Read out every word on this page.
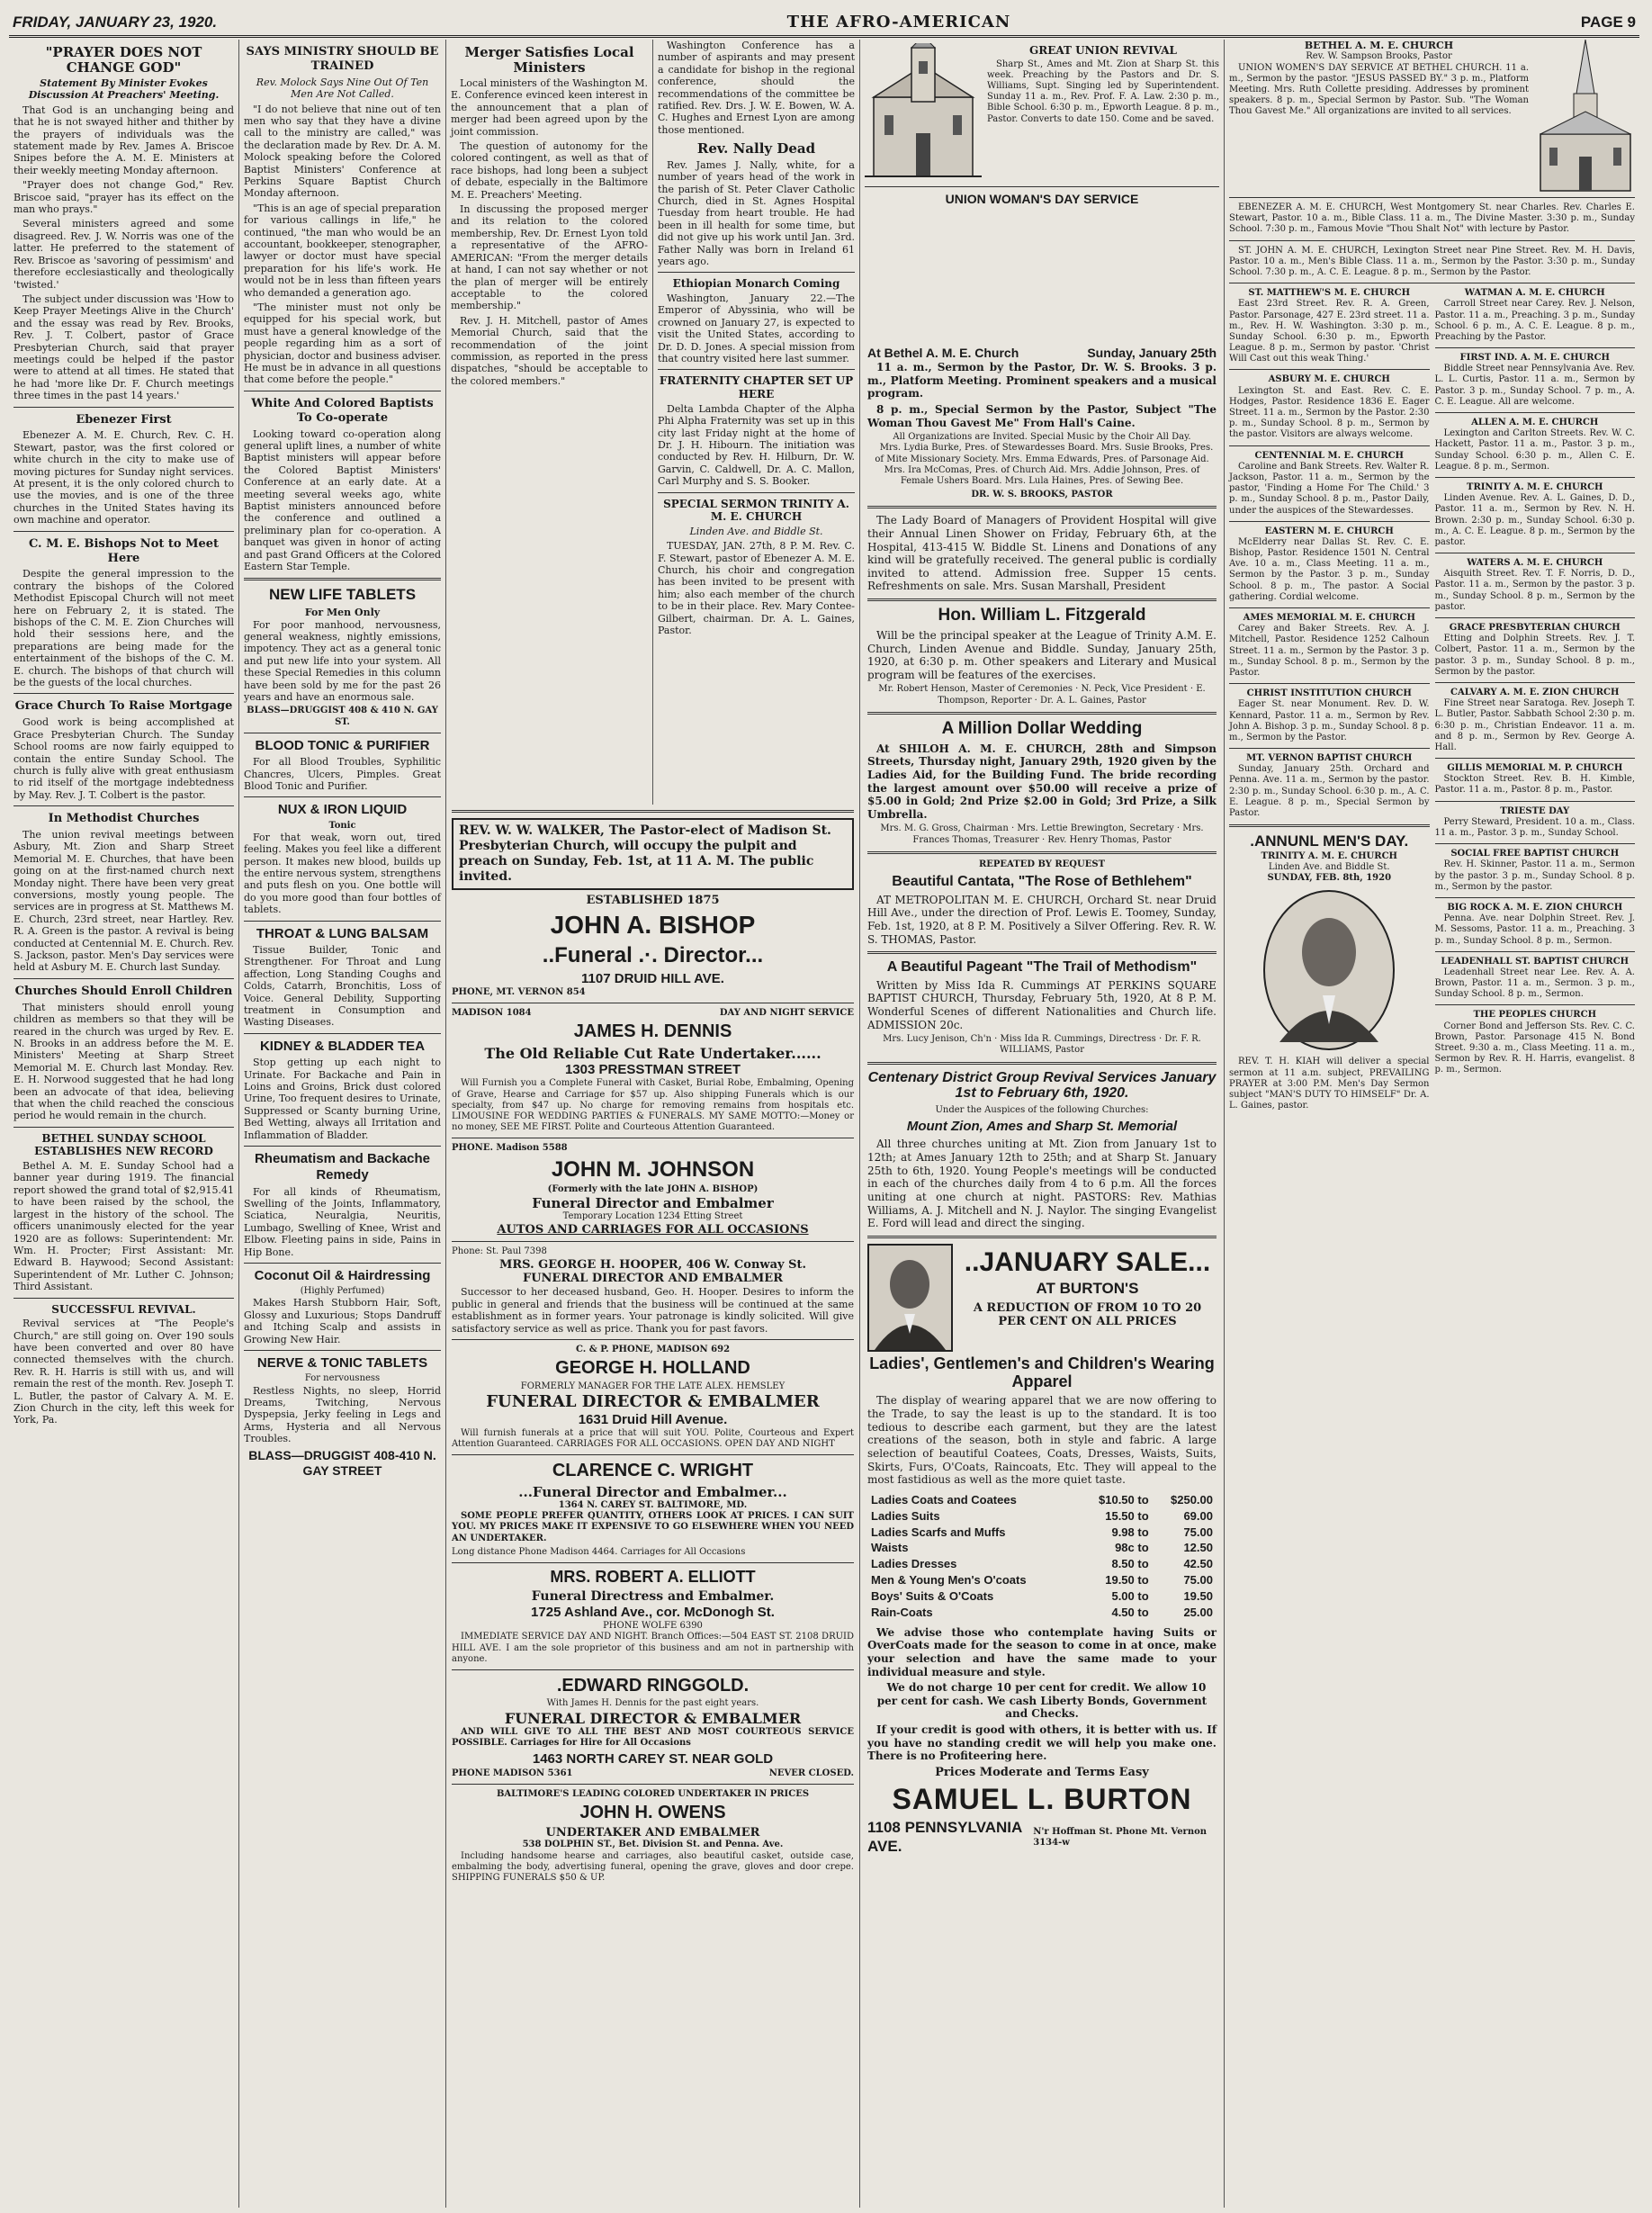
FRIDAY, JANUARY 23, 1920.	THE AFRO-AMERICAN	PAGE 9
"PRAYER DOES NOT CHANGE GOD"
Statement By Minister Evokes Discussion At Preachers' Meeting.

That God is an unchanging being and that he is not swayed hither and thither by the prayers of individuals was the statement made by Rev. James A. Briscoe Snipes before the A. M. E. Ministers at their weekly meeting Monday afternoon.

"Prayer does not change God," Rev. Briscoe said, "prayer has its effect on the man who prays."

Several ministers agreed and some disagreed. Rev. J. W. Norris was one of the latter. He preferred to the statement of Rev. Briscoe as 'savoring of pessimism' and therefore ecclesiastically and theologically 'twisted.'

The subject under discussion was 'How to Keep Prayer Meetings Alive in the Church' and the essay was read by Rev. Brooks, Rev. J. T. Colbert, pastor of Grace Presbyterian Church, said that prayer meetings could be helped if the pastor were to attend at all times. He stated that he had 'more like Dr. F. Church meetings three times in the past 14 years.'

Ebenezer First

Ebenezer A. M. E. Church, Rev. C. H. Stewart, pastor, was the first colored or white church in the city to make use of moving pictures for Sunday night services. At present, it is the only colored church to use the movies, and is one of the three churches in the United States having its own machine and operator.

C. M. E. Bishops Not to Meet Here

Despite the general impression to the contrary the bishops of the Colored Methodist Episcopal Church will not meet here on February 2, it is stated. The bishops of the C. M. E. Zion Churches will hold their sessions here, and the preparations are being made for the entertainment of the bishops of the C. M. E. church. The bishops of that church will be the guests of the local churches.

Grace Church To Raise Mortgage

Good work is being accomplished at Grace Presbyterian Church. The Sunday School rooms are now fairly equipped to contain the entire Sunday School. The church is fully alive with great enthusiasm to rid itself of the mortgage indebtedness by May. Rev. J. T. Colbert is the pastor.

In Methodist Churches

The union revival meetings between Asbury, Mt. Zion and Sharp Street Memorial M. E. Churches, that have been going on at the first-named church next Monday night. There have been very great conversions, mostly young people. The services are in progress at St. Matthews M. E. Church, 23rd street, near Hartley. Rev. R. A. Green is the pastor. A revival is being conducted at Centennial M. E. Church. Rev. S. Jackson, pastor. Men's Day services were held at Asbury M. E. Church last Sunday.

Churches Should Enroll Children

That ministers should enroll young children as members so that they will be reared in the church was urged by Rev. E. N. Brooks in an address before the M. E. Ministers' Meeting at Sharp Street Memorial M. E. Church last Monday. Rev. E. H. Norwood suggested that he had long been an advocate of that idea, believing that when the child reached the conscious period he would remain in the church.

BETHEL SUNDAY SCHOOL ESTABLISHES NEW RECORD

Bethel A. M. E. Sunday School had a banner year during 1919. The financial report showed the grand total of $2,915.41 to have been raised by the school, the largest in the history of the school. The officers unanimously elected for the year 1920 are as follows: Superintendent: Mr. Wm. H. Procter; First Assistant: Mr. Edward B. Haywood; Second Assistant: Superintendent of Mr. Luther C. Johnson; Third Assistant.

SUCCESSFUL REVIVAL.

Revival services at "The People's Church," are still going on. Over 190 souls have been converted and over 80 have connected themselves with the church. Rev. R. H. Harris is still with us, and will remain the rest of the month. Rev. Joseph T. L. Butler, the pastor of Calvary A. M. E. Zion Church in the city, left this week for York, Pa.

SAYS MINISTRY SHOULD BE TRAINED
Rev. Molock Says Nine Out Of Ten Men Are Not Called.

"I do not believe that nine out of ten men who say that they have a divine call to the ministry are called," was the declaration made by Rev. Dr. A. M. Molock speaking before the Colored Baptist Ministers' Conference at Perkins Square Baptist Church Monday afternoon.

"This is an age of special preparation for various callings in life," he continued, "the man who would be an accountant, bookkeeper, stenographer, lawyer or doctor must have special preparation for his life's work. He would not be in less than fifteen years who demanded a generation ago.

"The minister must not only be equipped for his special work, but must have a general knowledge of the people regarding him as a sort of physician, doctor and business adviser. He must be in advance in all questions that come before the people."

White And Colored Baptists To Co-operate

Looking toward co-operation along general uplift lines, a number of white Baptist ministers will appear before the Colored Baptist Ministers' Conference at an early date. At a meeting several weeks ago, white Baptist ministers announced before the conference and outlined a preliminary plan for co-operation. A banquet was given in honor of acting and past Grand Officers at the Colored Eastern Star Temple.

NEW LIFE TABLETS
For Men Only

For poor manhood, nervousness, general weakness, nightly emissions, impotency. They act as a general tonic and put new life into your system. All these Special Remedies in this column have been sold by me for the past 26 years and have an enormous sale.

BLASS—DRUGGIST 408 & 410 N. GAY ST.
BLOOD TONIC & PURIFIER

For all Blood Troubles, Syphilitic Chancres, Ulcers, Pimples. Great Blood Tonic and Purifier.

NUX & IRON LIQUID
Tonic

For that weak, worn out, tired feeling. Makes you feel like a different person. It makes new blood, builds up the entire nervous system, strengthens and puts flesh on you. One bottle will do you more good than four bottles of tablets.

THROAT & LUNG BALSAM

Tissue Builder, Tonic and Strengthener. For Throat and Lung affection, Long Standing Coughs and Colds, Catarrh, Bronchitis, Loss of Voice. General Debility, Supporting treatment in Consumption and Wasting Diseases.

KIDNEY & BLADDER TEA

Stop getting up each night to Urinate. For Backache and Pain in Loins and Groins, Brick dust colored Urine, Too frequent desires to Urinate, Suppressed or Scanty burning Urine, Bed Wetting, always all Irritation and Inflammation of Bladder.

Rheumatism and Backache Remedy

For all kinds of Rheumatism, Swelling of the Joints, Inflammatory, Sciatica, Neuralgia, Neuritis, Lumbago, Swelling of Knee, Wrist and Elbow. Fleeting pains in side, Pains in Hip Bone.

Coconut Oil & Hairdressing
(Highly Perfumed)

Makes Harsh Stubborn Hair, Soft, Glossy and Luxurious; Stops Dandruff and Itching Scalp and assists in Growing New Hair.

NERVE & TONIC TABLETS
For nervousness

Restless Nights, no sleep, Horrid Dreams, Twitching, Nervous Dyspepsia, Jerky feeling in Legs and Arms, Hysteria and all Nervous Troubles.

BLASS—DRUGGIST 408-410 N. GAY STREET
Merger Satisfies Local Ministers

Local ministers of the Washington M. E. Conference evinced keen interest in the announcement that a plan of merger had been agreed upon by the joint commission.

The question of autonomy for the colored contingent, as well as that of race bishops, had long been a subject of debate, especially in the Baltimore M. E. Preachers' Meeting.

In discussing the proposed merger and its relation to the colored membership, Rev. Dr. Ernest Lyon told a representative of the AFRO-AMERICAN: "From the merger details at hand, I can not say whether or not the plan of merger will be entirely acceptable to the colored membership."

Rev. J. H. Mitchell, pastor of Ames Memorial Church, said that the recommendation of the joint commission, as reported in the press dispatches, "should be acceptable to the colored members."

Washington Conference has a number of aspirants and may present a candidate for bishop in the regional conference, should the recommendations of the committee be ratified. Rev. Drs. J. W. E. Bowen, W. A. C. Hughes and Ernest Lyon are among those mentioned.

Rev. Nally Dead

Rev. James J. Nally, white, for a number of years head of the work in the parish of St. Peter Claver Catholic Church, died in St. Agnes Hospital Tuesday from heart trouble. He had been in ill health for some time, but did not give up his work until Jan. 3rd. Father Nally was born in Ireland 61 years ago.

Ethiopian Monarch Coming

Washington, January 22.—The Emperor of Abyssinia, who will be crowned on January 27, is expected to visit the United States, according to Dr. D. D. Jones. A special mission from that country visited here last summer.

FRATERNITY CHAPTER SET UP HERE

Delta Lambda Chapter of the Alpha Phi Alpha Fraternity was set up in this city last Friday night at the home of Dr. J. H. Hibourn. The initiation was conducted by Rev. H. Hilburn, Dr. W. Garvin, C. Caldwell, Dr. A. C. Mallon, Carl Murphy and S. S. Booker.

SPECIAL SERMON TRINITY A. M. E. CHURCH
Linden Ave. and Biddle St.

TUESDAY, JAN. 27th, 8 P. M. Rev. C. F. Stewart, pastor of Ebenezer A. M. E. Church, his choir and congregation has been invited to be present with him; also each member of the church to be in their place. Rev. Mary Contee-Gilbert, chairman. Dr. A. L. Gaines, Pastor.

GREAT UNION REVIVAL

Sharp St., Ames and Mt. Zion at Sharp St. this week. Preaching by the Pastors and Dr. S. Williams, Supt. Singing led by Superintendent. Sunday 11 a. m., Rev. Prof. F. A. Law. 2:30 p. m., Bible School. 6:30 p. m., Epworth League. 8 p. m., Pastor. Converts to date 150. Come and be saved.

UNION WOMAN'S DAY SERVICE
BETHEL A. M. E. CHURCH
Rev. W. Sampson Brooks, Pastor

UNION WOMEN'S DAY SERVICE AT BETHEL CHURCH. 11 a. m., Sermon by the pastor. "JESUS PASSED BY." 3 p. m., Platform Meeting. Mrs. Ruth Collette presiding. Addresses by prominent speakers. 8 p. m., Special Sermon by Pastor. Sub. "The Woman Thou Gavest Me." All organizations are invited to all services.

EBENEZER A. M. E. CHURCH, West Montgomery St. near Charles. Rev. Charles E. Stewart, Pastor. 10 a. m., Bible Class. 11 a. m., The Divine Master. 3:30 p. m., Sunday School. 7:30 p. m., Famous Movie "Thou Shalt Not" with lecture by Pastor.

ST. JOHN A. M. E. CHURCH, Lexington Street near Pine Street. Rev. M. H. Davis, Pastor. 10 a. m., Men's Bible Class. 11 a. m., Sermon by the Pastor. 3:30 p. m., Sunday School. 7:30 p. m., A. C. E. League. 8 p. m., Sermon by the Pastor.

ST. MATTHEW'S M. E. CHURCH

East 23rd Street. Rev. R. A. Green, Pastor. Parsonage, 427 E. 23rd street. 11 a. m., Rev. H. W. Washington. 3:30 p. m., Sunday School. 6:30 p. m., Epworth League. 8 p. m., Sermon by pastor. 'Christ Will Cast out this weak Thing.'

ASBURY M. E. CHURCH

Lexington St. and East. Rev. C. E. Hodges, Pastor. Residence 1836 E. Eager Street. 11 a. m., Sermon by the Pastor. 2:30 p. m., Sunday School. 8 p. m., Sermon by the pastor. Visitors are always welcome.

CENTENNIAL M. E. CHURCH

Caroline and Bank Streets. Rev. Walter R. Jackson, Pastor. 11 a. m., Sermon by the pastor, 'Finding a Home For The Child.' 3 p. m., Sunday School. 8 p. m., Pastor Daily, under the auspices of the Stewardesses.

EASTERN M. E. CHURCH

McElderry near Dallas St. Rev. C. E. Bishop, Pastor. Residence 1501 N. Central Ave. 10 a. m., Class Meeting. 11 a. m., Sermon by the Pastor. 3 p. m., Sunday School. 8 p. m., The pastor. A Social gathering. Cordial welcome.

AMES MEMORIAL M. E. CHURCH

Carey and Baker Streets. Rev. A. J. Mitchell, Pastor. Residence 1252 Calhoun Street. 11 a. m., Sermon by the Pastor. 3 p. m., Sunday School. 8 p. m., Sermon by the Pastor.

CHRIST INSTITUTION CHURCH

Eager St. near Monument. Rev. D. W. Kennard, Pastor. 11 a. m., Sermon by Rev. John A. Bishop. 3 p. m., Sunday School. 8 p. m., Sermon by the Pastor.

MT. VERNON BAPTIST CHURCH

Sunday, January 25th. Orchard and Penna. Ave. 11 a. m., Sermon by the pastor. 2:30 p. m., Sunday School. 6:30 p. m., A. C. E. League. 8 p. m., Special Sermon by Pastor.

.ANNUNL MEN'S DAY.
TRINITY A. M. E. CHURCH
Linden Ave. and Biddle St.
SUNDAY, FEB. 8th, 1920

REV. T. H. KIAH will deliver a special sermon at 11 a.m. subject, PREVAILING PRAYER at 3:00 P.M. Men's Day Sermon subject "MAN'S DUTY TO HIMSELF" Dr. A. L. Gaines, pastor.

WATMAN A. M. E. CHURCH

Carroll Street near Carey. Rev. J. Nelson, Pastor. 11 a. m., Preaching. 3 p. m., Sunday School. 6 p. m., A. C. E. League. 8 p. m., Preaching by the Pastor.

FIRST IND. A. M. E. CHURCH

Biddle Street near Pennsylvania Ave. Rev. L. L. Curtis, Pastor. 11 a. m., Sermon by Pastor. 3 p. m., Sunday School. 7 p. m., A. C. E. League. All are welcome.

ALLEN A. M. E. CHURCH

Lexington and Carlton Streets. Rev. W. C. Hackett, Pastor. 11 a. m., Pastor. 3 p. m., Sunday School. 6:30 p. m., Allen C. E. League. 8 p. m., Sermon.

TRINITY A. M. E. CHURCH

Linden Avenue. Rev. A. L. Gaines, D. D., Pastor. 11 a. m., Sermon by Rev. N. H. Brown. 2:30 p. m., Sunday School. 6:30 p. m., A. C. E. League. 8 p. m., Sermon by the pastor.

WATERS A. M. E. CHURCH

Aisquith Street. Rev. T. F. Norris, D. D., Pastor. 11 a. m., Sermon by the pastor. 3 p. m., Sunday School. 8 p. m., Sermon by the pastor.

GRACE PRESBYTERIAN CHURCH

Etting and Dolphin Streets. Rev. J. T. Colbert, Pastor. 11 a. m., Sermon by the pastor. 3 p. m., Sunday School. 8 p. m., Sermon by the pastor.

CALVARY A. M. E. ZION CHURCH

Fine Street near Saratoga. Rev. Joseph T. L. Butler, Pastor. Sabbath School 2:30 p. m. 6:30 p. m., Christian Endeavor. 11 a. m. and 8 p. m., Sermon by Rev. George A. Hall.

GILLIS MEMORIAL M. P. CHURCH

Stockton Street. Rev. B. H. Kimble, Pastor. 11 a. m., Pastor. 8 p. m., Pastor.

TRIESTE DAY

Perry Steward, President. 10 a. m., Class. 11 a. m., Pastor. 3 p. m., Sunday School.

SOCIAL FREE BAPTIST CHURCH

Rev. H. Skinner, Pastor. 11 a. m., Sermon by the pastor. 3 p. m., Sunday School. 8 p. m., Sermon by the pastor.

BIG ROCK A. M. E. ZION CHURCH

Penna. Ave. near Dolphin Street. Rev. J. M. Sessoms, Pastor. 11 a. m., Preaching. 3 p. m., Sunday School. 8 p. m., Sermon.

LEADENHALL ST. BAPTIST CHURCH

Leadenhall Street near Lee. Rev. A. A. Brown, Pastor. 11 a. m., Sermon. 3 p. m., Sunday School. 8 p. m., Sermon.

THE PEOPLES CHURCH

Corner Bond and Jefferson Sts. Rev. C. C. Brown, Pastor. Parsonage 415 N. Bond Street. 9:30 a. m., Class Meeting. 11 a. m., Sermon by Rev. R. H. Harris, evangelist. 8 p. m., Sermon.

REV. W. W. WALKER, The Pastor-elect of Madison St. Presbyterian Church, will occupy the pulpit and preach on Sunday, Feb. 1st, at 11 A. M. The public invited.
ESTABLISHED 1875
JOHN A. BISHOP
..Funeral .·. Director...
1107 DRUID HILL AVE.
PHONE, MT. VERNON 854
MADISON 1084	DAY AND NIGHT SERVICE
JAMES H. DENNIS
The Old Reliable Cut Rate Undertaker......
1303 PRESSTMAN STREET

Will Furnish you a Complete Funeral with Casket, Burial Robe, Embalming, Opening of Grave, Hearse and Carriage for $57 up. Also shipping Funerals which is our specialty, from $47 up. No charge for removing remains from hospitals etc. LIMOUSINE FOR WEDDING PARTIES & FUNERALS. MY SAME MOTTO:—Money or no money, SEE ME FIRST. Polite and Courteous Attention Guaranteed.

PHONE. Madison 5588
JOHN M. JOHNSON
(Formerly with the late JOHN A. BISHOP)
Funeral Director and Embalmer
Temporary Location 1234 Etting Street
AUTOS AND CARRIAGES FOR ALL OCCASIONS
Phone: St. Paul 7398
MRS. GEORGE H. HOOPER, 406 W. Conway St.
FUNERAL DIRECTOR AND EMBALMER

Successor to her deceased husband, Geo. H. Hooper. Desires to inform the public in general and friends that the business will be continued at the same establishment as in former years. Your patronage is kindly solicited. Will give satisfactory service as well as price. Thank you for past favors.

C. & P. PHONE, MADISON 692
GEORGE H. HOLLAND
FORMERLY MANAGER FOR THE LATE ALEX. HEMSLEY
FUNERAL DIRECTOR & EMBALMER
1631 Druid Hill Avenue.

Will furnish funerals at a price that will suit YOU. Polite, Courteous and Expert Attention Guaranteed. CARRIAGES FOR ALL OCCASIONS. OPEN DAY AND NIGHT

CLARENCE C. WRIGHT
...Funeral Director and Embalmer...
1364 N. CAREY ST. BALTIMORE, MD.

SOME PEOPLE PREFER QUANTITY, OTHERS LOOK AT PRICES. I CAN SUIT YOU. MY PRICES MAKE IT EXPENSIVE TO GO ELSEWHERE WHEN YOU NEED AN UNDERTAKER.

Long distance Phone Madison 4464. Carriages for All Occasions
MRS. ROBERT A. ELLIOTT
Funeral Directress and Embalmer.
1725 Ashland Ave., cor. McDonogh St.
PHONE WOLFE 6390

IMMEDIATE SERVICE DAY AND NIGHT. Branch Offices:—504 EAST ST. 2108 DRUID HILL AVE. I am the sole proprietor of this business and am not in partnership with anyone.

.EDWARD RINGGOLD.
With James H. Dennis for the past eight years.
FUNERAL DIRECTOR & EMBALMER

AND WILL GIVE TO ALL THE BEST AND MOST COURTEOUS SERVICE POSSIBLE. Carriages for Hire for All Occasions

1463 NORTH CAREY ST. NEAR GOLD
PHONE MADISON 5361	NEVER CLOSED.
BALTIMORE'S LEADING COLORED UNDERTAKER IN PRICES
JOHN H. OWENS
UNDERTAKER AND EMBALMER
538 DOLPHIN ST., Bet. Division St. and Penna. Ave.

Including handsome hearse and carriages, also beautiful casket, outside case, embalming the body, advertising funeral, opening the grave, gloves and door crepe. SHIPPING FUNERALS $50 & UP.

At Bethel A. M. E. Church	Sunday, January 25th

11 a. m., Sermon by the Pastor, Dr. W. S. Brooks. 3 p. m., Platform Meeting. Prominent speakers and a musical program.

8 p. m., Special Sermon by the Pastor, Subject "The Woman Thou Gavest Me" From Hall's Caine.

All Organizations are Invited. Special Music by the Choir All Day.

Mrs. Lydia Burke, Pres. of Stewardesses Board. Mrs. Susie Brooks, Pres. of Mite Missionary Society. Mrs. Emma Edwards, Pres. of Parsonage Aid. Mrs. Ira McComas, Pres. of Church Aid. Mrs. Addie Johnson, Pres. of Female Ushers Board. Mrs. Lula Haines, Pres. of Sewing Bee.

DR. W. S. BROOKS, PASTOR

The Lady Board of Managers of Provident Hospital will give their Annual Linen Shower on Friday, February 6th, at the Hospital, 413-415 W. Biddle St. Linens and Donations of any kind will be gratefully received. The general public is cordially invited to attend. Admission free. Supper 15 cents. Refreshments on sale. Mrs. Susan Marshall, President

Hon. William L. Fitzgerald

Will be the principal speaker at the League of Trinity A.M. E. Church, Linden Avenue and Biddle. Sunday, January 25th, 1920, at 6:30 p. m. Other speakers and Literary and Musical program will be features of the exercises.

Mr. Robert Henson, Master of Ceremonies · N. Peck, Vice President · E. Thompson, Reporter · Dr. A. L. Gaines, Pastor
A Million Dollar Wedding

At SHILOH A. M. E. CHURCH, 28th and Simpson Streets, Thursday night, January 29th, 1920 given by the Ladies Aid, for the Building Fund. The bride recording the largest amount over $50.00 will receive a prize of $5.00 in Gold; 2nd Prize $2.00 in Gold; 3rd Prize, a Silk Umbrella.

Mrs. M. G. Gross, Chairman · Mrs. Lettie Brewington, Secretary · Mrs. Frances Thomas, Treasurer · Rev. Henry Thomas, Pastor
REPEATED BY REQUEST
Beautiful Cantata, "The Rose of Bethlehem"

AT METROPOLITAN M. E. CHURCH, Orchard St. near Druid Hill Ave., under the direction of Prof. Lewis E. Toomey, Sunday, Feb. 1st, 1920, at 8 P. M. Positively a Silver Offering. Rev. R. W. S. THOMAS, Pastor.

A Beautiful Pageant "The Trail of Methodism"

Written by Miss Ida R. Cummings AT PERKINS SQUARE BAPTIST CHURCH, Thursday, February 5th, 1920, At 8 P. M. Wonderful Scenes of different Nationalities and Church life. ADMISSION 20c.

Mrs. Lucy Jenison, Ch'n · Miss Ida R. Cummings, Directress · Dr. F. R. WILLIAMS, Pastor
Centenary District Group Revival Services January 1st to February 6th, 1920.
Under the Auspices of the following Churches:
Mount Zion, Ames and Sharp St. Memorial

All three churches uniting at Mt. Zion from January 1st to 12th; at Ames January 12th to 25th; and at Sharp St. January 25th to 6th, 1920. Young People's meetings will be conducted in each of the churches daily from 4 to 6 p.m. All the forces uniting at one church at night. PASTORS: Rev. Mathias Williams, A. J. Mitchell and N. J. Naylor. The singing Evangelist E. Ford will lead and direct the singing.

..JANUARY SALE...
AT BURTON'S
A REDUCTION OF FROM 10 TO 20 PER CENT ON ALL PRICES
Ladies', Gentlemen's and Children's Wearing Apparel

The display of wearing apparel that we are now offering to the Trade, to say the least is up to the standard. It is too tedious to describe each garment, but they are the latest creations of the season, both in style and fabric. A large selection of beautiful Coatees, Coats, Dresses, Waists, Suits, Skirts, Furs, O'Coats, Raincoats, Etc. They will appeal to the most fastidious as well as the more quiet taste.

Ladies Coats and Coatees	$10.50 to	$250.00
Ladies Suits	15.50 to	69.00
Ladies Scarfs and Muffs	9.98 to	75.00
Waists	98c to	12.50
Ladies Dresses	8.50 to	42.50
Men & Young Men's O'coats	19.50 to	75.00
Boys' Suits & O'Coats	5.00 to	19.50
Rain-Coats	4.50 to	25.00

We advise those who contemplate having Suits or OverCoats made for the season to come in at once, make your selection and have the same made to your individual measure and style.

We do not charge 10 per cent for credit. We allow 10 per cent for cash. We cash Liberty Bonds, Government and Checks.

If your credit is good with others, it is better with us. If you have no standing credit we will help you make one. There is no Profiteering here.

Prices Moderate and Terms Easy
SAMUEL L. BURTON
1108 PENNSYLVANIA AVE.
N'r Hoffman St. Phone Mt. Vernon 3134-w
